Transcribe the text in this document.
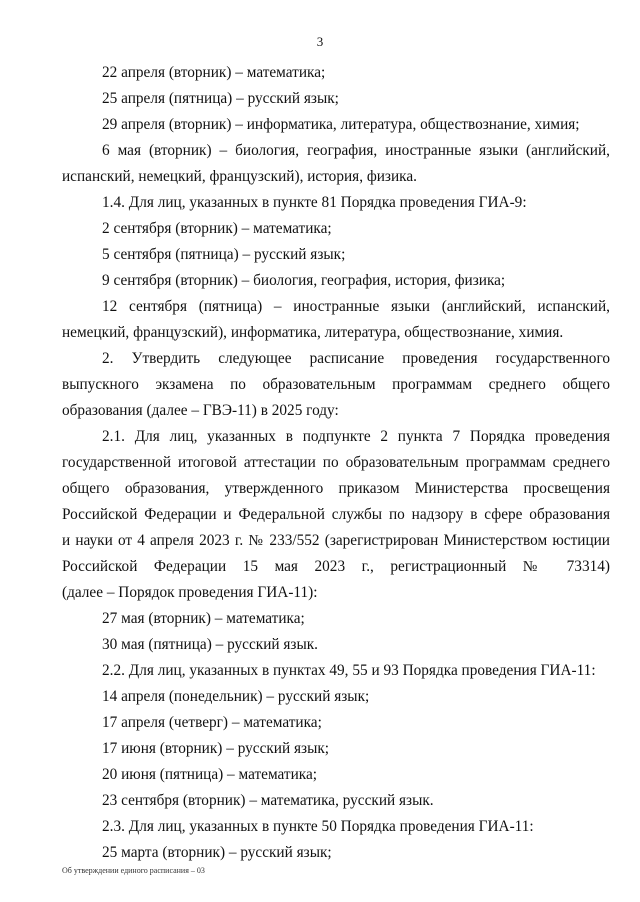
3

22 апреля (вторник) – математика;

25 апреля (пятница) – русский язык;

29 апреля (вторник) – информатика, литература, обществознание, химия;

6 мая (вторник) – биология, география, иностранные языки (английский,

испанский, немецкий, французский), история, физика.

1.4. Для лиц, указанных в пункте 81 Порядка проведения ГИА-9:

2 сентября (вторник) – математика;

5 сентября (пятница) – русский язык;

9 сентября (вторник) – биология, география, история, физика;

12 сентября (пятница) – иностранные языки (английский, испанский,

немецкий, французский), информатика, литература, обществознание, химия.

2. Утвердить следующее расписание проведения государственного

выпускного экзамена по образовательным программам среднего общего

образования (далее – ГВЭ-11) в 2025 году:

2.1. Для лиц, указанных в подпункте 2 пункта 7 Порядка проведения

государственной итоговой аттестации по образовательным программам среднего

общего образования, утвержденного приказом Министерства просвещения

Российской Федерации и Федеральной службы по надзору в сфере образования

и науки от 4 апреля 2023 г. № 233/552 (зарегистрирован Министерством юстиции

Российской Федерации 15 мая 2023 г., регистрационный № 73314)

(далее – Порядок проведения ГИА-11):

27 мая (вторник) – математика;

30 мая (пятница) – русский язык.

2.2. Для лиц, указанных в пунктах 49, 55 и 93 Порядка проведения ГИА-11:

14 апреля (понедельник) – русский язык;

17 апреля (четверг) – математика;

17 июня (вторник) – русский язык;

20 июня (пятница) – математика;

23 сентября (вторник) – математика, русский язык.

2.3. Для лиц, указанных в пункте 50 Порядка проведения ГИА-11:

25 марта (вторник) – русский язык;

Об утверждении единого расписания – 03
